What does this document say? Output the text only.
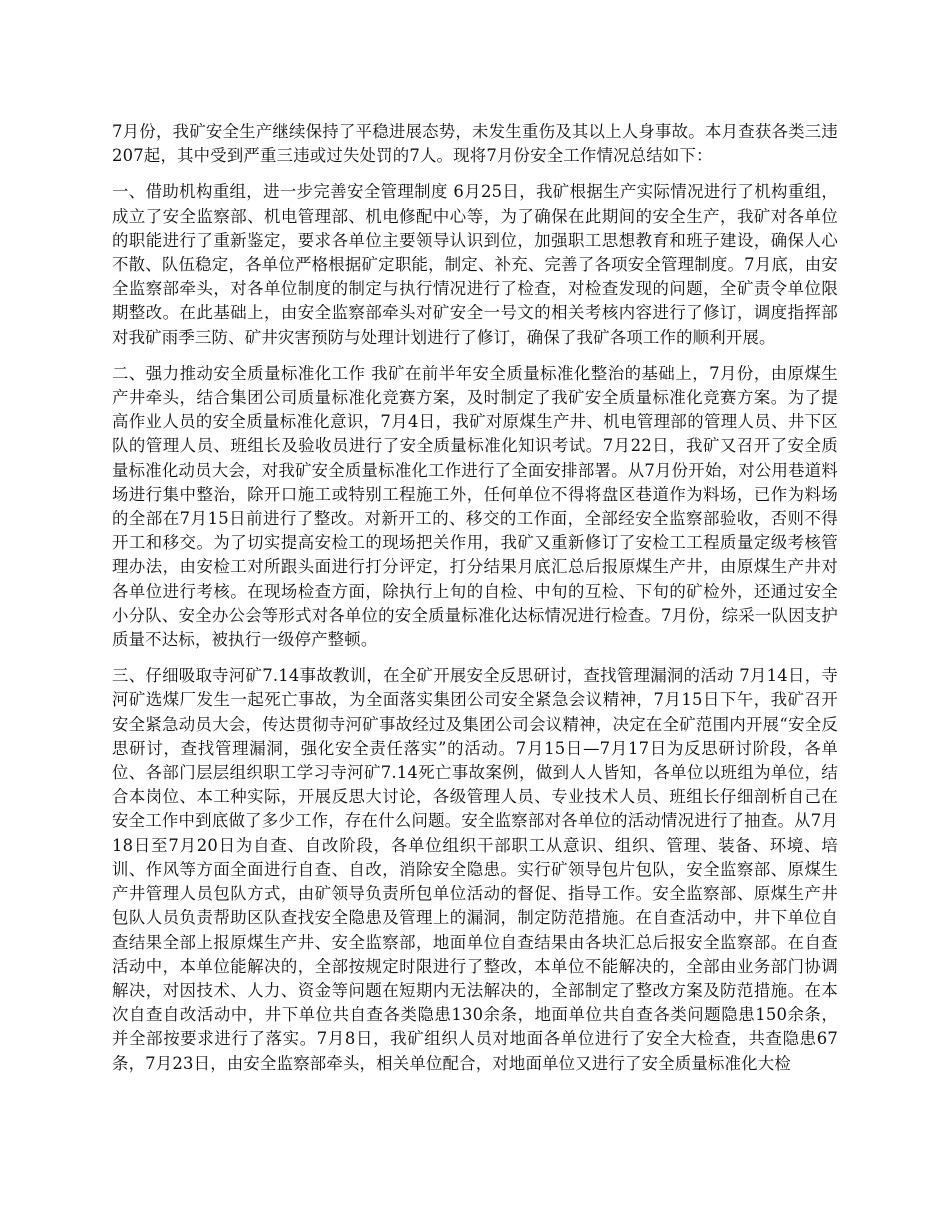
7月份，我矿安全生产继续保持了平稳进展态势，未发生重伤及其以上人身事故。本月查获各类三违207起，其中受到严重三违或过失处罚的7人。现将7月份安全工作情况总结如下：

一、借助机构重组，进一步完善安全管理制度 6月25日，我矿根据生产实际情况进行了机构重组，成立了安全监察部、机电管理部、机电修配中心等，为了确保在此期间的安全生产，我矿对各单位的职能进行了重新鉴定，要求各单位主要领导认识到位，加强职工思想教育和班子建设，确保人心不散、队伍稳定，各单位严格根据矿定职能，制定、补充、完善了各项安全管理制度。7月底，由安全监察部牵头，对各单位制度的制定与执行情况进行了检查，对检查发现的问题，全矿责令单位限期整改。在此基础上，由安全监察部牵头对矿安全一号文的相关考核内容进行了修订，调度指挥部对我矿雨季三防、矿井灾害预防与处理计划进行了修订，确保了我矿各项工作的顺利开展。

二、强力推动安全质量标准化工作 我矿在前半年安全质量标准化整治的基础上，7月份，由原煤生产井牵头，结合集团公司质量标准化竞赛方案，及时制定了我矿安全质量标准化竞赛方案。为了提高作业人员的安全质量标准化意识，7月4日，我矿对原煤生产井、机电管理部的管理人员、井下区队的管理人员、班组长及验收员进行了安全质量标准化知识考试。7月22日，我矿又召开了安全质量标准化动员大会，对我矿安全质量标准化工作进行了全面安排部署。从7月份开始，对公用巷道料场进行集中整治，除开口施工或特别工程施工外，任何单位不得将盘区巷道作为料场，已作为料场的全部在7月15日前进行了整改。对新开工的、移交的工作面，全部经安全监察部验收，否则不得开工和移交。为了切实提高安检工的现场把关作用，我矿又重新修订了安检工工程质量定级考核管理办法，由安检工对所跟头面进行打分评定，打分结果月底汇总后报原煤生产井，由原煤生产井对各单位进行考核。在现场检查方面，除执行上旬的自检、中旬的互检、下旬的矿检外，还通过安全小分队、安全办公会等形式对各单位的安全质量标准化达标情况进行检查。7月份，综采一队因支护质量不达标，被执行一级停产整顿。

三、仔细吸取寺河矿7.14事故教训，在全矿开展安全反思研讨，查找管理漏洞的活动 7月14日，寺河矿选煤厂发生一起死亡事故，为全面落实集团公司安全紧急会议精神，7月15日下午，我矿召开安全紧急动员大会，传达贯彻寺河矿事故经过及集团公司会议精神，决定在全矿范围内开展“安全反思研讨，查找管理漏洞，强化安全责任落实”的活动。7月15日—7月17日为反思研讨阶段，各单位、各部门层层组织职工学习寺河矿7.14死亡事故案例，做到人人皆知，各单位以班组为单位，结合本岗位、本工种实际，开展反思大讨论，各级管理人员、专业技术人员、班组长仔细剖析自己在安全工作中到底做了多少工作，存在什么问题。安全监察部对各单位的活动情况进行了抽查。从7月18日至7月20日为自查、自改阶段，各单位组织干部职工从意识、组织、管理、装备、环境、培训、作风等方面全面进行自查、自改，消除安全隐患。实行矿领导包片包队，安全监察部、原煤生产井管理人员包队方式，由矿领导负责所包单位活动的督促、指导工作。安全监察部、原煤生产井包队人员负责帮助区队查找安全隐患及管理上的漏洞，制定防范措施。在自查活动中，井下单位自查结果全部上报原煤生产井、安全监察部，地面单位自查结果由各块汇总后报安全监察部。在自查活动中，本单位能解决的，全部按规定时限进行了整改，本单位不能解决的，全部由业务部门协调解决，对因技术、人力、资金等问题在短期内无法解决的，全部制定了整改方案及防范措施。在本次自查自改活动中，井下单位共自查各类隐患130余条，地面单位共自查各类问题隐患150余条，并全部按要求进行了落实。7月8日，我矿组织人员对地面各单位进行了安全大检查，共查隐患67条，7月23日，由安全监察部牵头，相关单位配合，对地面单位又进行了安全质量标准化大检
